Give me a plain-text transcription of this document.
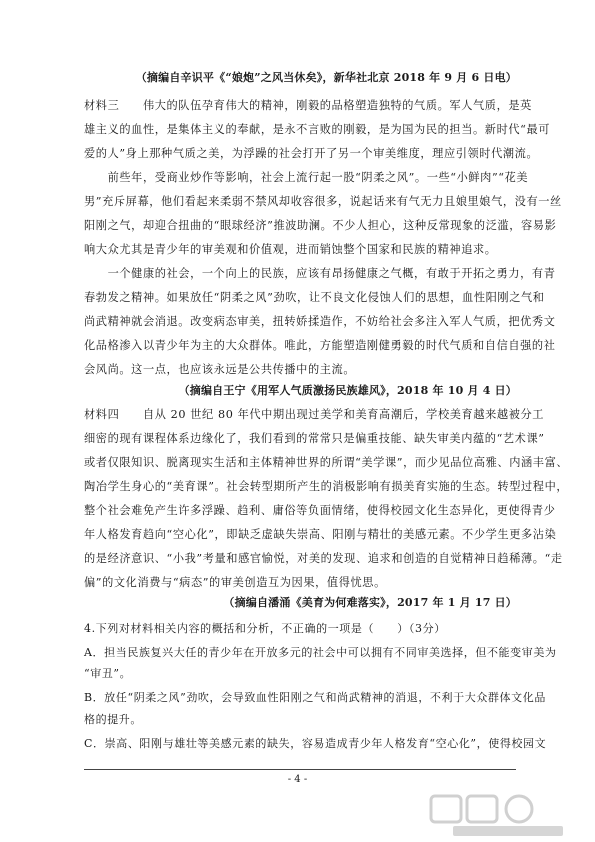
（摘编自辛识平《“娘炮”之风当休矣》，新华社北京 2018 年 9 月 6 日电）
材料三　　伟大的队伍孕育伟大的精神，刚毅的品格塑造独特的气质。军人气质，是英
雄主义的血性，是集体主义的奉献，是永不言败的刚毅，是为国为民的担当。新时代“最可
爱的人”身上那种气质之美，为浮躁的社会打开了另一个审美维度，理应引领时代潮流。
　　前些年，受商业炒作等影响，社会上流行起一股“阴柔之风”。一些“小鲜肉”“花美
男”充斥屏幕，他们看起来柔弱不禁风却收容很多，说起话来有气无力且娘里娘气，没有一丝
阳刚之气，却迎合扭曲的“眼球经济”推波助澜。不少人担心，这种反常现象的泛滥，容易影
响大众尤其是青少年的审美观和价值观，进而销蚀整个国家和民族的精神追求。
　　一个健康的社会，一个向上的民族，应该有昂扬健康之气概，有敢于开拓之勇力，有青
春勃发之精神。如果放任“阴柔之风”劲吹，让不良文化侵蚀人们的思想，血性阳刚之气和
尚武精神就会消退。改变病态审美，扭转娇揉造作，不妨给社会多注入军人气质，把优秀文
化品格渗入以青少年为主的大众群体。唯此，方能塑造刚健勇毅的时代气质和自信自强的社
会风尚。这一点，也应该永远是公共传播中的主流。
（摘编自王宁《用军人气质激扬民族雄风》，2018 年 10 月 4 日）
材料四　　自从 20 世纪 80 年代中期出现过美学和美育高潮后，学校美育越来越被分工
细密的现有课程体系边缘化了，我们看到的常常只是偏重技能、缺失审美内蕴的“艺术课”
或者仅限知识、脱离现实生活和主体精神世界的所谓“美学课”，而少见品位高雅、内涵丰富、
陶冶学生身心的“美育课”。社会转型期所产生的消极影响有损美育实施的生态。转型过程中，
整个社会难免产生许多浮躁、趋利、庸俗等负面情绪，使得校园文化生态异化，更使得青少
年人格发育趋向“空心化”，即缺乏虚缺失崇高、阳刚与精壮的美感元素。不少学生更多沾染
的是经济意识、“小我”考量和感官愉悦，对美的发现、追求和创造的自觉精神日趋稀薄。“走
偏”的文化消费与“病态”的审美创造互为因果，值得忧思。
（摘编自潘涌《美育为何难落实》，2017 年 1 月 17 日）
4.下列对材料相关内容的概括和分析，不正确的一项是（　　）（3分）
A．担当民族复兴大任的青少年在开放多元的社会中可以拥有不同审美选择，但不能变审美为
“审丑”。
B．放任“阴柔之风”劲吹，会导致血性阳刚之气和尚武精神的消退，不利于大众群体文化品
格的提升。
C．崇高、阳刚与雄壮等美感元素的缺失，容易造成青少年人格发育“空心化”，使得校园文
- 4 -
